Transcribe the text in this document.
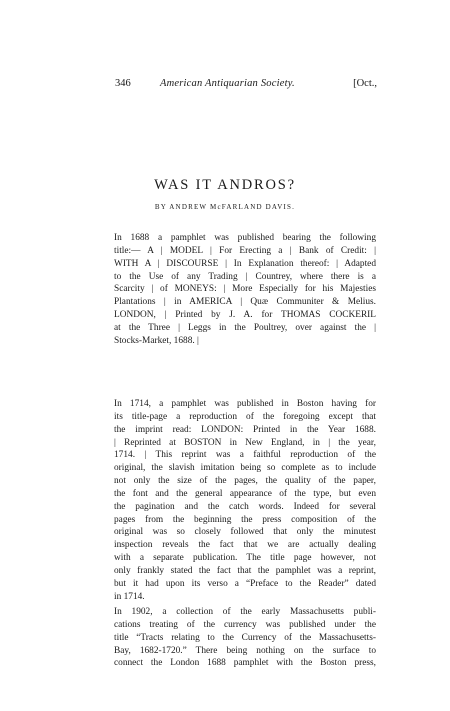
346	American Antiquarian Society.	[Oct.,
WAS IT ANDROS?
BY ANDREW McFARLAND DAVIS.
In 1688 a pamphlet was published bearing the following
title:— A | MODEL | For Erecting a | Bank of Credit: |
WITH A | DISCOURSE | In Explanation thereof: | Adapted
to the Use of any Trading | Countrey, where there is a
Scarcity | of MONEYS: | More Especially for his Majesties
Plantations | in AMERICA | Quæ Communiter & Melius.
LONDON, | Printed by J. A. for THOMAS COCKERIL
at the Three | Leggs in the Poultrey, over against the |
Stocks-Market, 1688. |
In 1714, a pamphlet was published in Boston having for
its title-page a reproduction of the foregoing except that
the imprint read: LONDON: Printed in the Year 1688.
| Reprinted at BOSTON in New England, in | the year,
1714. | This reprint was a faithful reproduction of the
original, the slavish imitation being so complete as to include
not only the size of the pages, the quality of the paper,
the font and the general appearance of the type, but even
the pagination and the catch words. Indeed for several
pages from the beginning the press composition of the
original was so closely followed that only the minutest
inspection reveals the fact that we are actually dealing
with a separate publication. The title page however, not
only frankly stated the fact that the pamphlet was a reprint,
but it had upon its verso a “Preface to the Reader” dated
in 1714.
In 1902, a collection of the early Massachusetts publi-
cations treating of the currency was published under the
title “Tracts relating to the Currency of the Massachusetts-
Bay, 1682-1720.” There being nothing on the surface to
connect the London 1688 pamphlet with the Boston press,
